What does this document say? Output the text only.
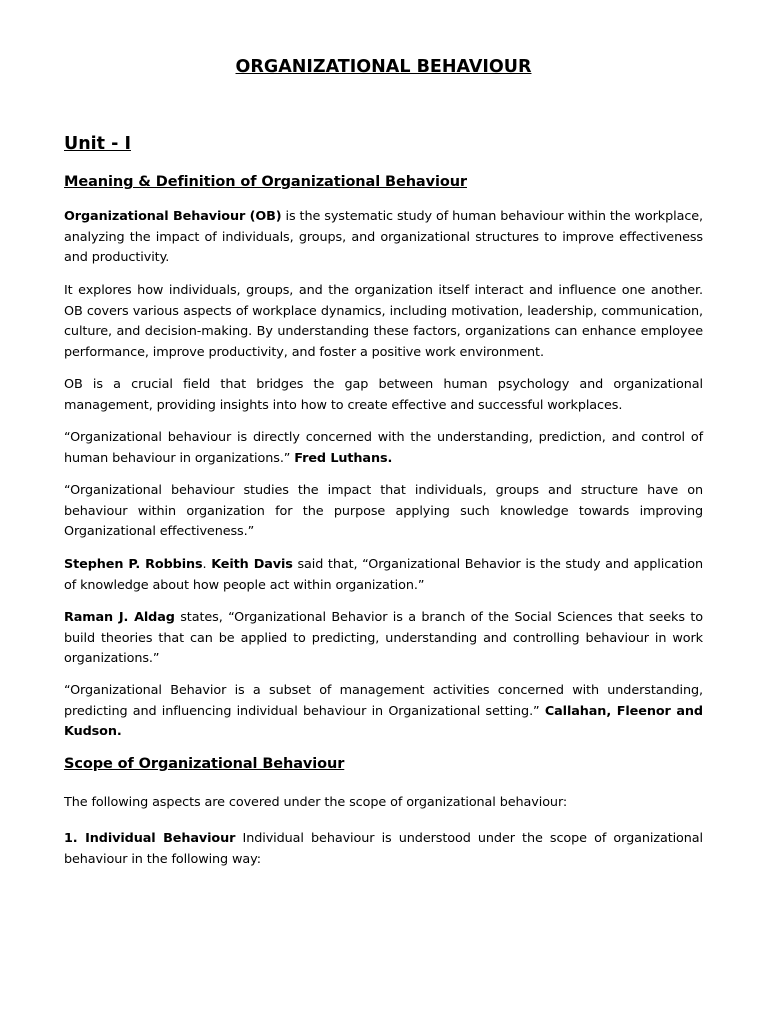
ORGANIZATIONAL BEHAVIOUR
Unit - I
Meaning & Definition of Organizational Behaviour

Organizational Behaviour (OB) is the systematic study of human behaviour within the workplace, analyzing the impact of individuals, groups, and organizational structures to improve effectiveness and productivity.

It explores how individuals, groups, and the organization itself interact and influence one another. OB covers various aspects of workplace dynamics, including motivation, leadership, communication, culture, and decision-making. By understanding these factors, organizations can enhance employee performance, improve productivity, and foster a positive work environment.

OB is a crucial field that bridges the gap between human psychology and organizational management, providing insights into how to create effective and successful workplaces.

“Organizational behaviour is directly concerned with the understanding, prediction, and control of human behaviour in organizations.” Fred Luthans.

“Organizational behaviour studies the impact that individuals, groups and structure have on behaviour within organization for the purpose applying such knowledge towards improving Organizational effectiveness.”

Stephen P. Robbins. Keith Davis said that, “Organizational Behavior is the study and application of knowledge about how people act within organization.”

Raman J. Aldag states, “Organizational Behavior is a branch of the Social Sciences that seeks to build theories that can be applied to predicting, understanding and controlling behaviour in work organizations.”

“Organizational Behavior is a subset of management activities concerned with understanding, predicting and influencing individual behaviour in Organizational setting.” Callahan, Fleenor and Kudson.

Scope of Organizational Behaviour

The following aspects are covered under the scope of organizational behaviour:

1. Individual Behaviour Individual behaviour is understood under the scope of organizational behaviour in the following way:
